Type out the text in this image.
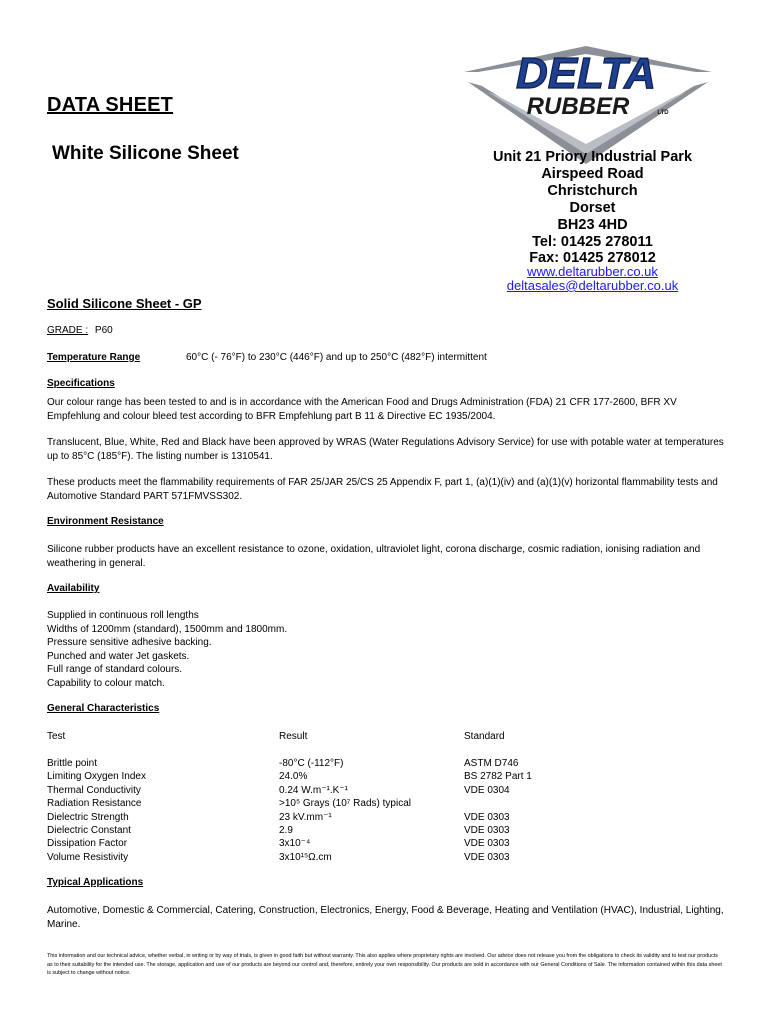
DATA SHEET
White Silicone Sheet
DELTA
RUBBER	LTD
Unit 21 Priory Industrial Park
Airspeed Road
Christchurch
Dorset
BH23 4HD
Tel: 01425 278011
Fax: 01425 278012
www.deltarubber.co.uk
deltasales@deltarubber.co.uk
Solid Silicone Sheet - GP
GRADE : P60
Temperature Range	60°C (- 76°F) to 230°C (446°F) and up to 250°C (482°F) intermittent
Specifications
Our colour range has been tested to and is in accordance with the American Food and Drugs Administration (FDA) 21 CFR 177-2600, BFR XV Empfehlung and colour bleed test according to BFR Empfehlung part B 11 & Directive EC 1935/2004.
Translucent, Blue, White, Red and Black have been approved by WRAS (Water Regulations Advisory Service) for use with potable water at temperatures up to 85°C (185°F). The listing number is 1310541.
These products meet the flammability requirements of FAR 25/JAR 25/CS 25 Appendix F, part 1, (a)(1)(iv) and (a)(1)(v) horizontal flammability tests and Automotive Standard PART 571FMVSS302.
Environment Resistance
Silicone rubber products have an excellent resistance to ozone, oxidation, ultraviolet light, corona discharge, cosmic radiation, ionising radiation and weathering in general.
Availability
Supplied in continuous roll lengths
Widths of 1200mm (standard), 1500mm and 1800mm.
Pressure sensitive adhesive backing.
Punched and water Jet gaskets.
Full range of standard colours.
Capability to colour match.
General Characteristics
Test	Result	Standard
Brittle point	-80°C (-112°F)	ASTM D746
Limiting Oxygen Index	24.0%	BS 2782 Part 1
Thermal Conductivity	0.24 W.m⁻¹.K⁻¹	VDE 0304
Radiation Resistance	>10⁵ Grays (10⁷ Rads) typical
Dielectric Strength	23 kV.mm⁻¹	VDE 0303
Dielectric Constant	2.9	VDE 0303
Dissipation Factor	3x10⁻⁴	VDE 0303
Volume Resistivity	3x10¹⁵Ω.cm	VDE 0303
Typical Applications
Automotive, Domestic & Commercial, Catering, Construction, Electronics, Energy, Food & Beverage, Heating and Ventilation (HVAC), Industrial, Lighting, Marine.
This information and our technical advice, whether verbal, in writing or by way of trials, is given in good faith but without warranty. This also applies where proprietary rights are involved. Our advice does not release you from the obligations to check its validity and to test our products as to their suitability for the intended use. The storage, application and use of our products are beyond our control and, therefore, entirely your own responsibility. Our products are sold in accordance with our General Conditions of Sale. The information contained within this data sheet is subject to change without notice.
